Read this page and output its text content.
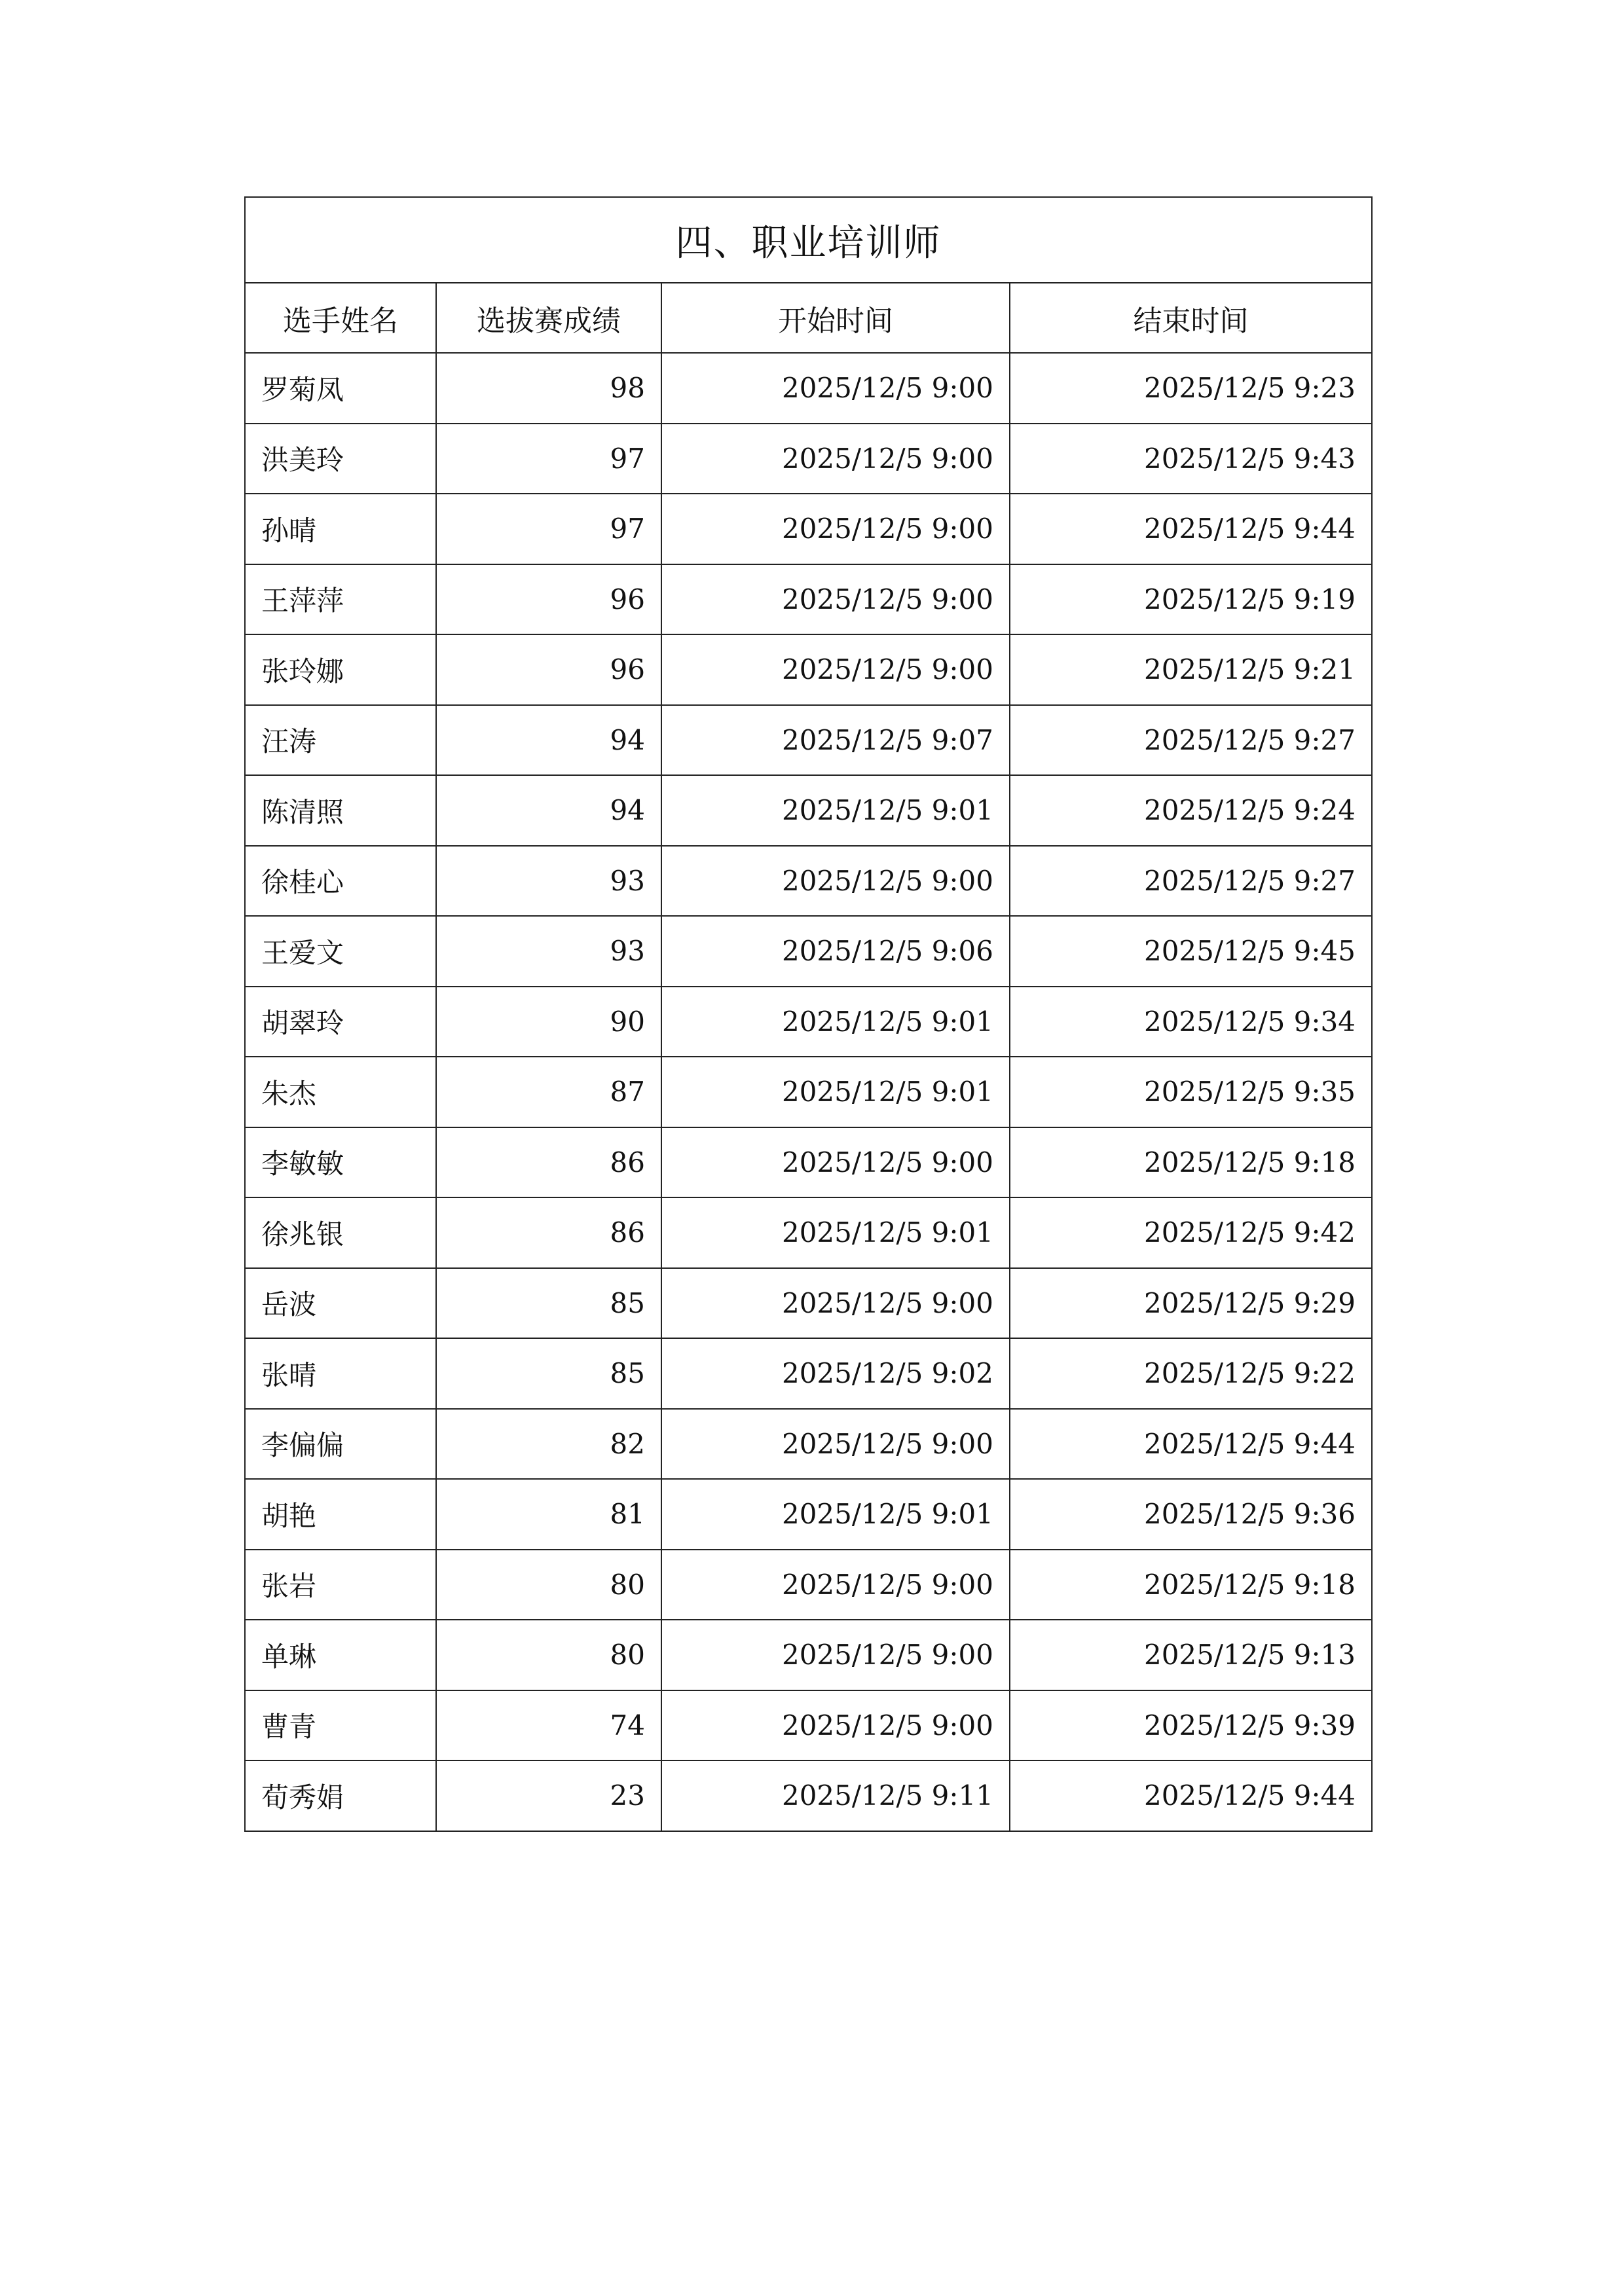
四、职业培训师			
选手姓名	选拔赛成绩	开始时间	结束时间
罗菊凤	98	2025/12/5 9:00	2025/12/5 9:23
洪美玲	97	2025/12/5 9:00	2025/12/5 9:43
孙晴	97	2025/12/5 9:00	2025/12/5 9:44
王萍萍	96	2025/12/5 9:00	2025/12/5 9:19
张玲娜	96	2025/12/5 9:00	2025/12/5 9:21
汪涛	94	2025/12/5 9:07	2025/12/5 9:27
陈清照	94	2025/12/5 9:01	2025/12/5 9:24
徐桂心	93	2025/12/5 9:00	2025/12/5 9:27
王爱文	93	2025/12/5 9:06	2025/12/5 9:45
胡翠玲	90	2025/12/5 9:01	2025/12/5 9:34
朱杰	87	2025/12/5 9:01	2025/12/5 9:35
李敏敏	86	2025/12/5 9:00	2025/12/5 9:18
徐兆银	86	2025/12/5 9:01	2025/12/5 9:42
岳波	85	2025/12/5 9:00	2025/12/5 9:29
张晴	85	2025/12/5 9:02	2025/12/5 9:22
李偏偏	82	2025/12/5 9:00	2025/12/5 9:44
胡艳	81	2025/12/5 9:01	2025/12/5 9:36
张岩	80	2025/12/5 9:00	2025/12/5 9:18
单琳	80	2025/12/5 9:00	2025/12/5 9:13
曹青	74	2025/12/5 9:00	2025/12/5 9:39
荀秀娟	23	2025/12/5 9:11	2025/12/5 9:44
